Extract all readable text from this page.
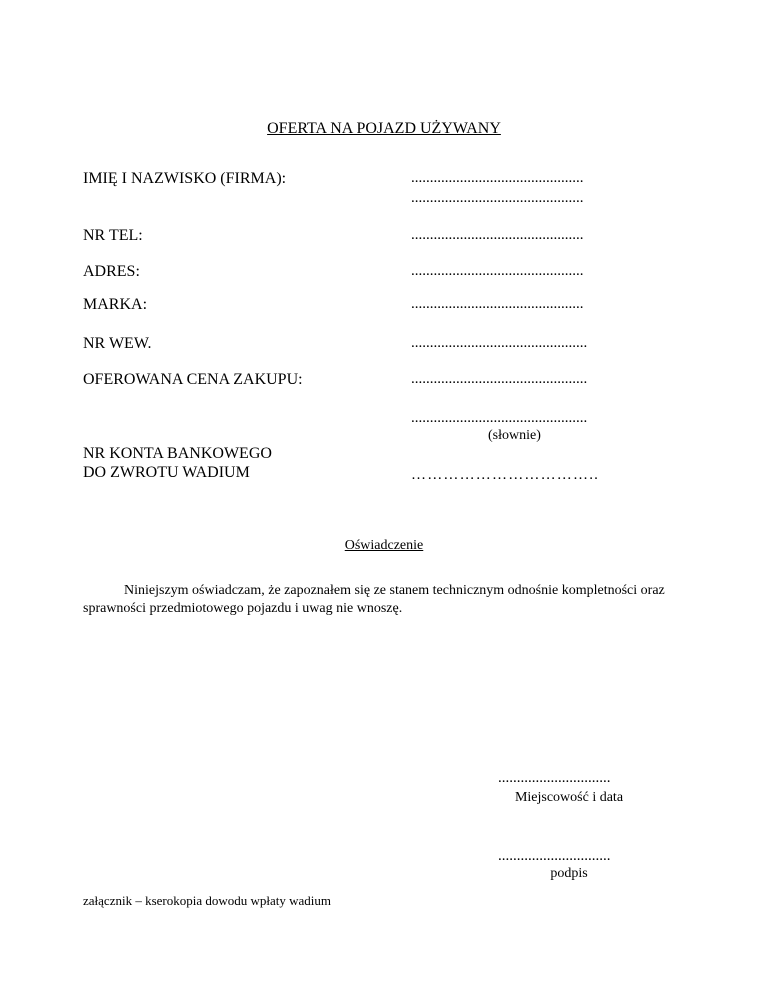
OFERTA NA POJAZD UŻYWANY
IMIĘ I NAZWISKO (FIRMA):	..............................................
..............................................
NR TEL:	..............................................
ADRES:	..............................................
MARKA:	..............................................
NR WEW.	...............................................
OFEROWANA CENA ZAKUPU:	...............................................
...............................................
(słownie)
NR KONTA BANKOWEGO
DO ZWROTU WADIUM	……………………………..
Oświadczenie
Niniejszym oświadczam, że zapoznałem się ze stanem technicznym odnośnie kompletności oraz sprawności przedmiotowego pojazdu i uwag nie wnoszę.
..............................
Miejscowość i data
..............................
podpis
załącznik – kserokopia dowodu wpłaty wadium
